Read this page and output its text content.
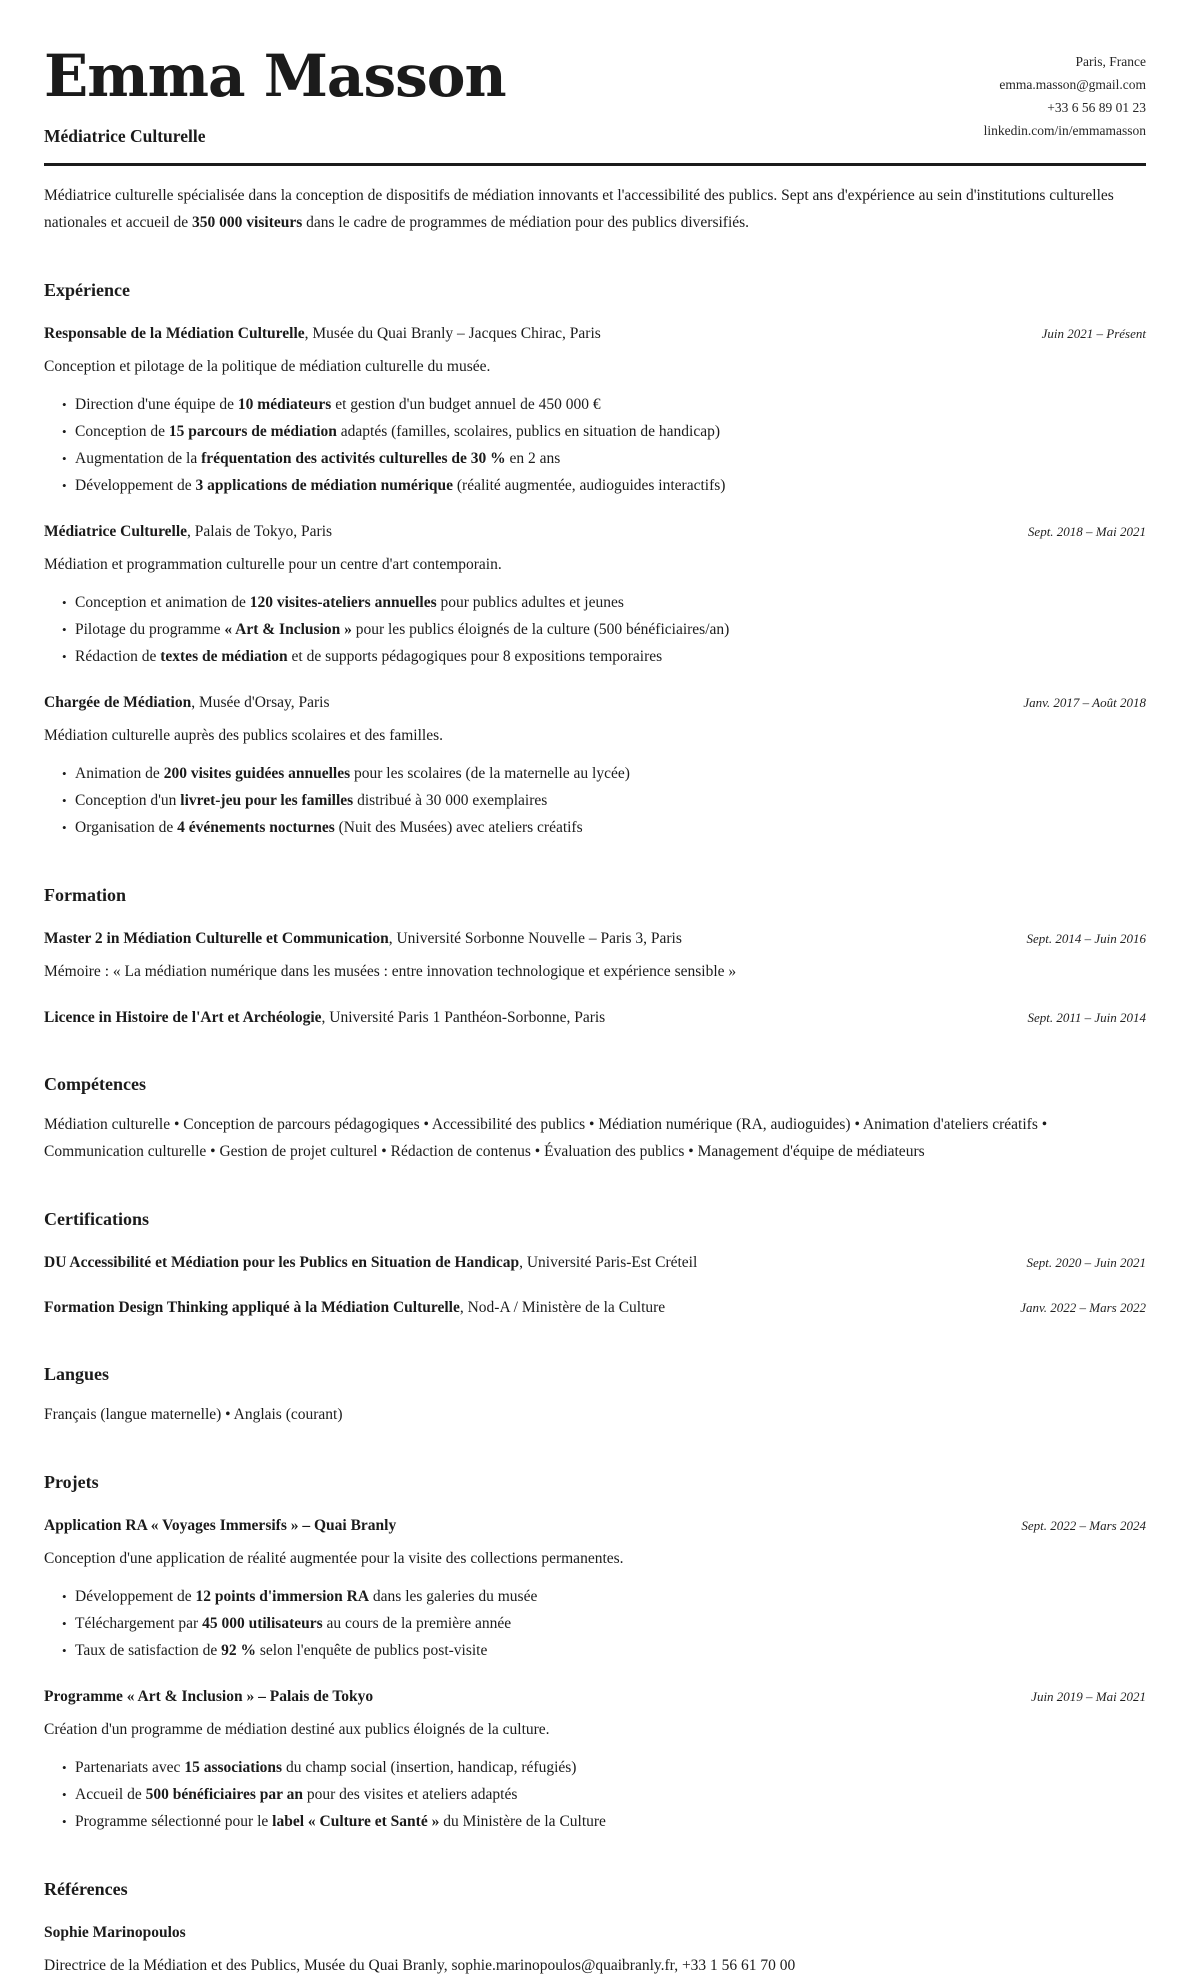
Emma Masson

Médiatrice Culturelle

Paris, France
emma.masson@gmail.com
+33 6 56 89 01 23
linkedin.com/in/emmamasson

Médiatrice culturelle spécialisée dans la conception de dispositifs de médiation innovants et l'accessibilité des publics. Sept ans d'expérience au sein d'institutions culturelles nationales et accueil de 350 000 visiteurs dans le cadre de programmes de médiation pour des publics diversifiés.

Expérience

Responsable de la Médiation Culturelle, Musée du Quai Branly – Jacques Chirac, Paris	Juin 2021 – Présent

Conception et pilotage de la politique de médiation culturelle du musée.

• Direction d'une équipe de 10 médiateurs et gestion d'un budget annuel de 450 000 €
• Conception de 15 parcours de médiation adaptés (familles, scolaires, publics en situation de handicap)
• Augmentation de la fréquentation des activités culturelles de 30 % en 2 ans
• Développement de 3 applications de médiation numérique (réalité augmentée, audioguides interactifs)

Médiatrice Culturelle, Palais de Tokyo, Paris	Sept. 2018 – Mai 2021

Médiation et programmation culturelle pour un centre d'art contemporain.

• Conception et animation de 120 visites-ateliers annuelles pour publics adultes et jeunes
• Pilotage du programme « Art & Inclusion » pour les publics éloignés de la culture (500 bénéficiaires/an)
• Rédaction de textes de médiation et de supports pédagogiques pour 8 expositions temporaires

Chargée de Médiation, Musée d'Orsay, Paris	Janv. 2017 – Août 2018

Médiation culturelle auprès des publics scolaires et des familles.

• Animation de 200 visites guidées annuelles pour les scolaires (de la maternelle au lycée)
• Conception d'un livret-jeu pour les familles distribué à 30 000 exemplaires
• Organisation de 4 événements nocturnes (Nuit des Musées) avec ateliers créatifs
Formation

Master 2 in Médiation Culturelle et Communication, Université Sorbonne Nouvelle – Paris 3, Paris	Sept. 2014 – Juin 2016

Mémoire : « La médiation numérique dans les musées : entre innovation technologique et expérience sensible »

Licence in Histoire de l'Art et Archéologie, Université Paris 1 Panthéon-Sorbonne, Paris	Sept. 2011 – Juin 2014
Compétences

Médiation culturelle • Conception de parcours pédagogiques • Accessibilité des publics • Médiation numérique (RA, audioguides) • Animation d'ateliers créatifs • Communication culturelle • Gestion de projet culturel • Rédaction de contenus • Évaluation des publics • Management d'équipe de médiateurs

Certifications

DU Accessibilité et Médiation pour les Publics en Situation de Handicap, Université Paris-Est Créteil	Sept. 2020 – Juin 2021

Formation Design Thinking appliqué à la Médiation Culturelle, Nod-A / Ministère de la Culture	Janv. 2022 – Mars 2022
Langues

Français (langue maternelle) • Anglais (courant)

Projets

Application RA « Voyages Immersifs » – Quai Branly	Sept. 2022 – Mars 2024

Conception d'une application de réalité augmentée pour la visite des collections permanentes.

• Développement de 12 points d'immersion RA dans les galeries du musée
• Téléchargement par 45 000 utilisateurs au cours de la première année
• Taux de satisfaction de 92 % selon l'enquête de publics post-visite

Programme « Art & Inclusion » – Palais de Tokyo	Juin 2019 – Mai 2021

Création d'un programme de médiation destiné aux publics éloignés de la culture.

• Partenariats avec 15 associations du champ social (insertion, handicap, réfugiés)
• Accueil de 500 bénéficiaires par an pour des visites et ateliers adaptés
• Programme sélectionné pour le label « Culture et Santé » du Ministère de la Culture
Références

Sophie Marinopoulos

Directrice de la Médiation et des Publics, Musée du Quai Branly, sophie.marinopoulos@quaibranly.fr, +33 1 56 61 70 00
